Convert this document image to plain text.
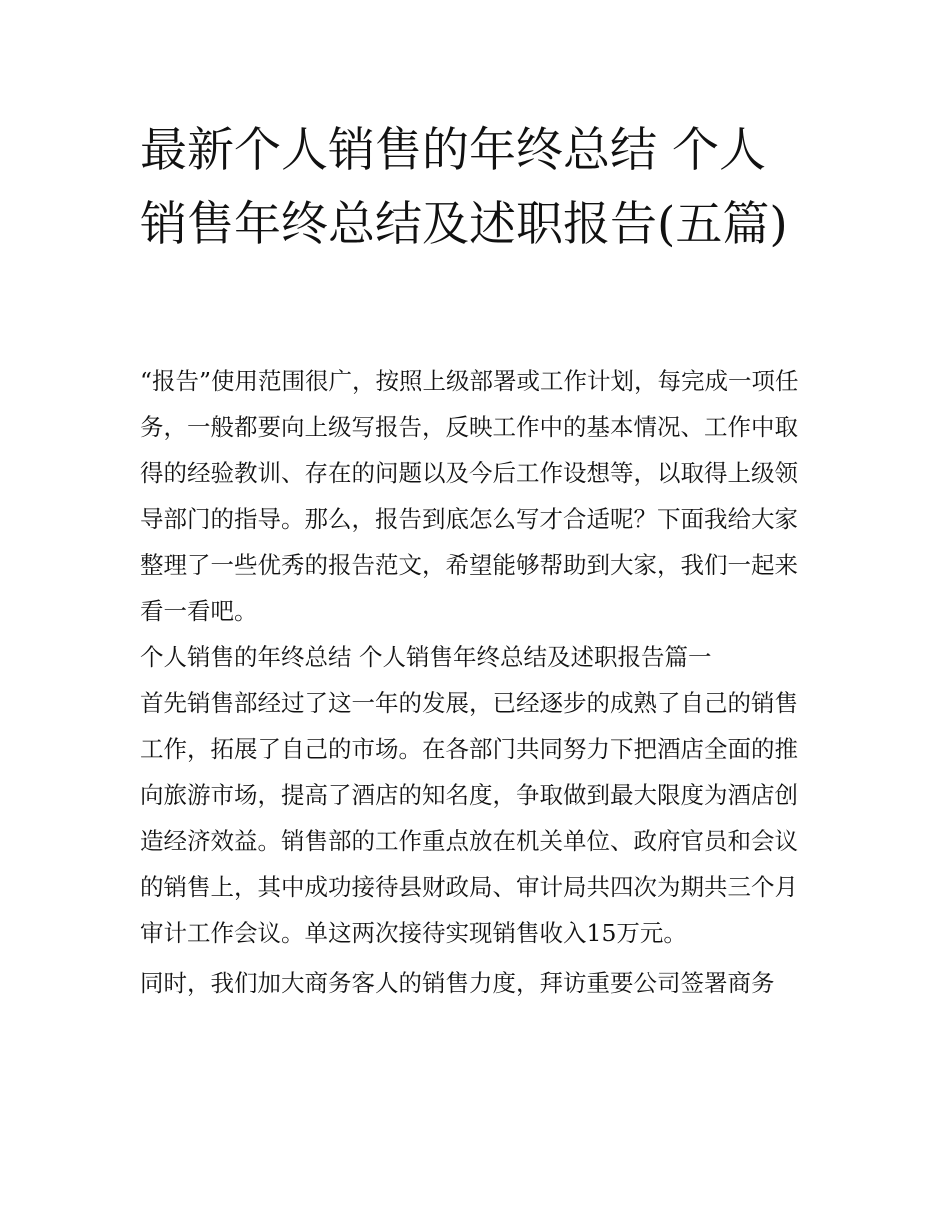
最新个人销售的年终总结 个人销售年终总结及述职报告(五篇)

“报告”使用范围很广，按照上级部署或工作计划，每完成一项任务，一般都要向上级写报告，反映工作中的基本情况、工作中取得的经验教训、存在的问题以及今后工作设想等，以取得上级领导部门的指导。那么，报告到底怎么写才合适呢？下面我给大家整理了一些优秀的报告范文，希望能够帮助到大家，我们一起来看一看吧。

个人销售的年终总结 个人销售年终总结及述职报告篇一

首先销售部经过了这一年的发展，已经逐步的成熟了自己的销售工作，拓展了自己的市场。在各部门共同努力下把酒店全面的推向旅游市场，提高了酒店的知名度，争取做到最大限度为酒店创造经济效益。销售部的工作重点放在机关单位、政府官员和会议的销售上，其中成功接待县财政局、审计局共四次为期共三个月审计工作会议。单这两次接待实现销售收入15万元。

同时，我们加大商务客人的销售力度，拜访重要公司签署商务
